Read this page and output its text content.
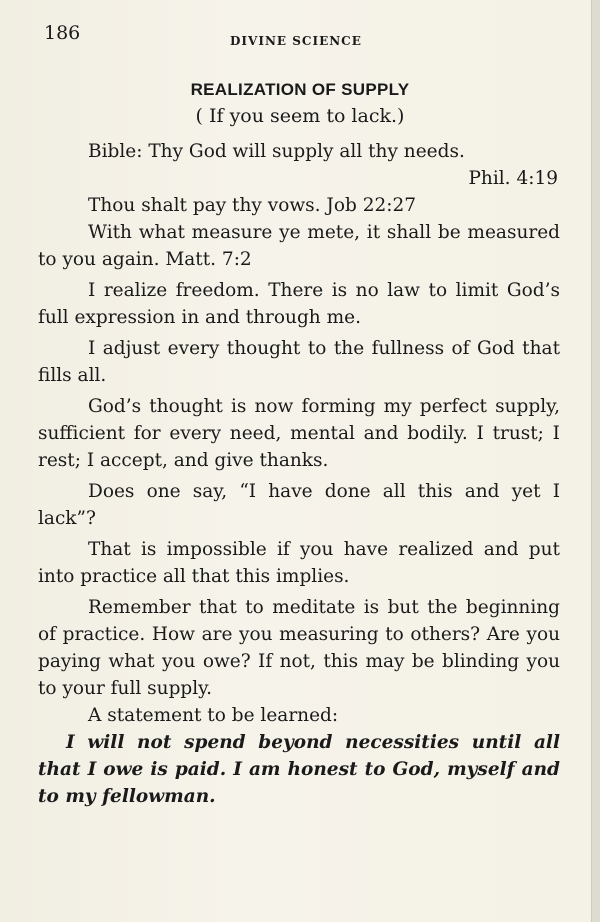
186	DIVINE SCIENCE
REALIZATION OF SUPPLY
( If you seem to lack.)

Bible: Thy God will supply all thy needs.

Phil. 4:19

Thou shalt pay thy vows. Job 22:27

With what measure ye mete, it shall be measured to you again. Matt. 7:2

I realize freedom. There is no law to limit God’s full expression in and through me.

I adjust every thought to the fullness of God that fills all.

God’s thought is now forming my perfect supply, sufficient for every need, mental and bodily. I trust; I rest; I accept, and give thanks.

Does one say, “I have done all this and yet I lack”?

That is impossible if you have realized and put into practice all that this implies.

Remember that to meditate is but the beginning of practice. How are you measuring to others? Are you paying what you owe? If not, this may be blinding you to your full supply.

A statement to be learned:

I will not spend beyond necessities until all that I owe is paid. I am honest to God, myself and to my fellowman.
